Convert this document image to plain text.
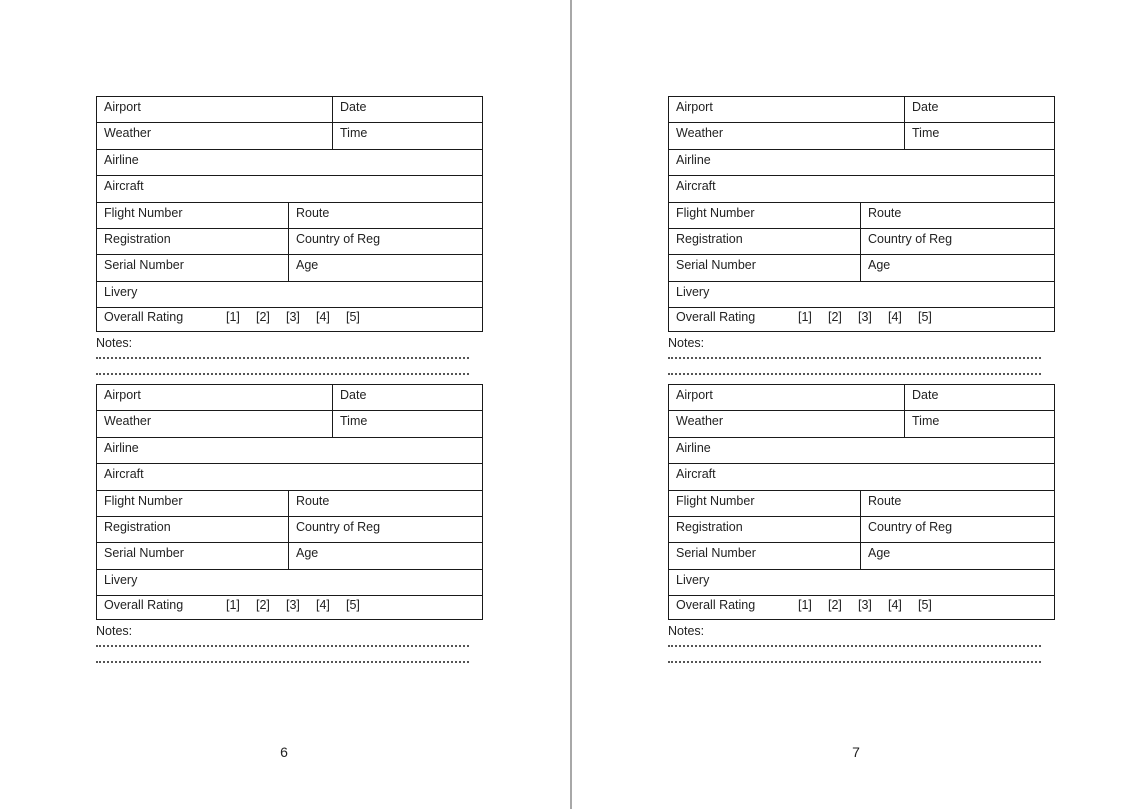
Airport		Date
Weather		Time
Airline		
Aircraft		
Flight Number	Route	
Registration	Country of Reg	
Serial Number	Age	
Livery		
Overall Rating [1] [2] [3] [4] [5]		
Notes:
Airport		Date
Weather		Time
Airline		
Aircraft		
Flight Number	Route	
Registration	Country of Reg	
Serial Number	Age	
Livery		
Overall Rating [1] [2] [3] [4] [5]		
Notes:
6
Airport		Date
Weather		Time
Airline		
Aircraft		
Flight Number	Route	
Registration	Country of Reg	
Serial Number	Age	
Livery		
Overall Rating [1] [2] [3] [4] [5]		
Notes:
Airport		Date
Weather		Time
Airline		
Aircraft		
Flight Number	Route	
Registration	Country of Reg	
Serial Number	Age	
Livery		
Overall Rating [1] [2] [3] [4] [5]		
Notes:
7
